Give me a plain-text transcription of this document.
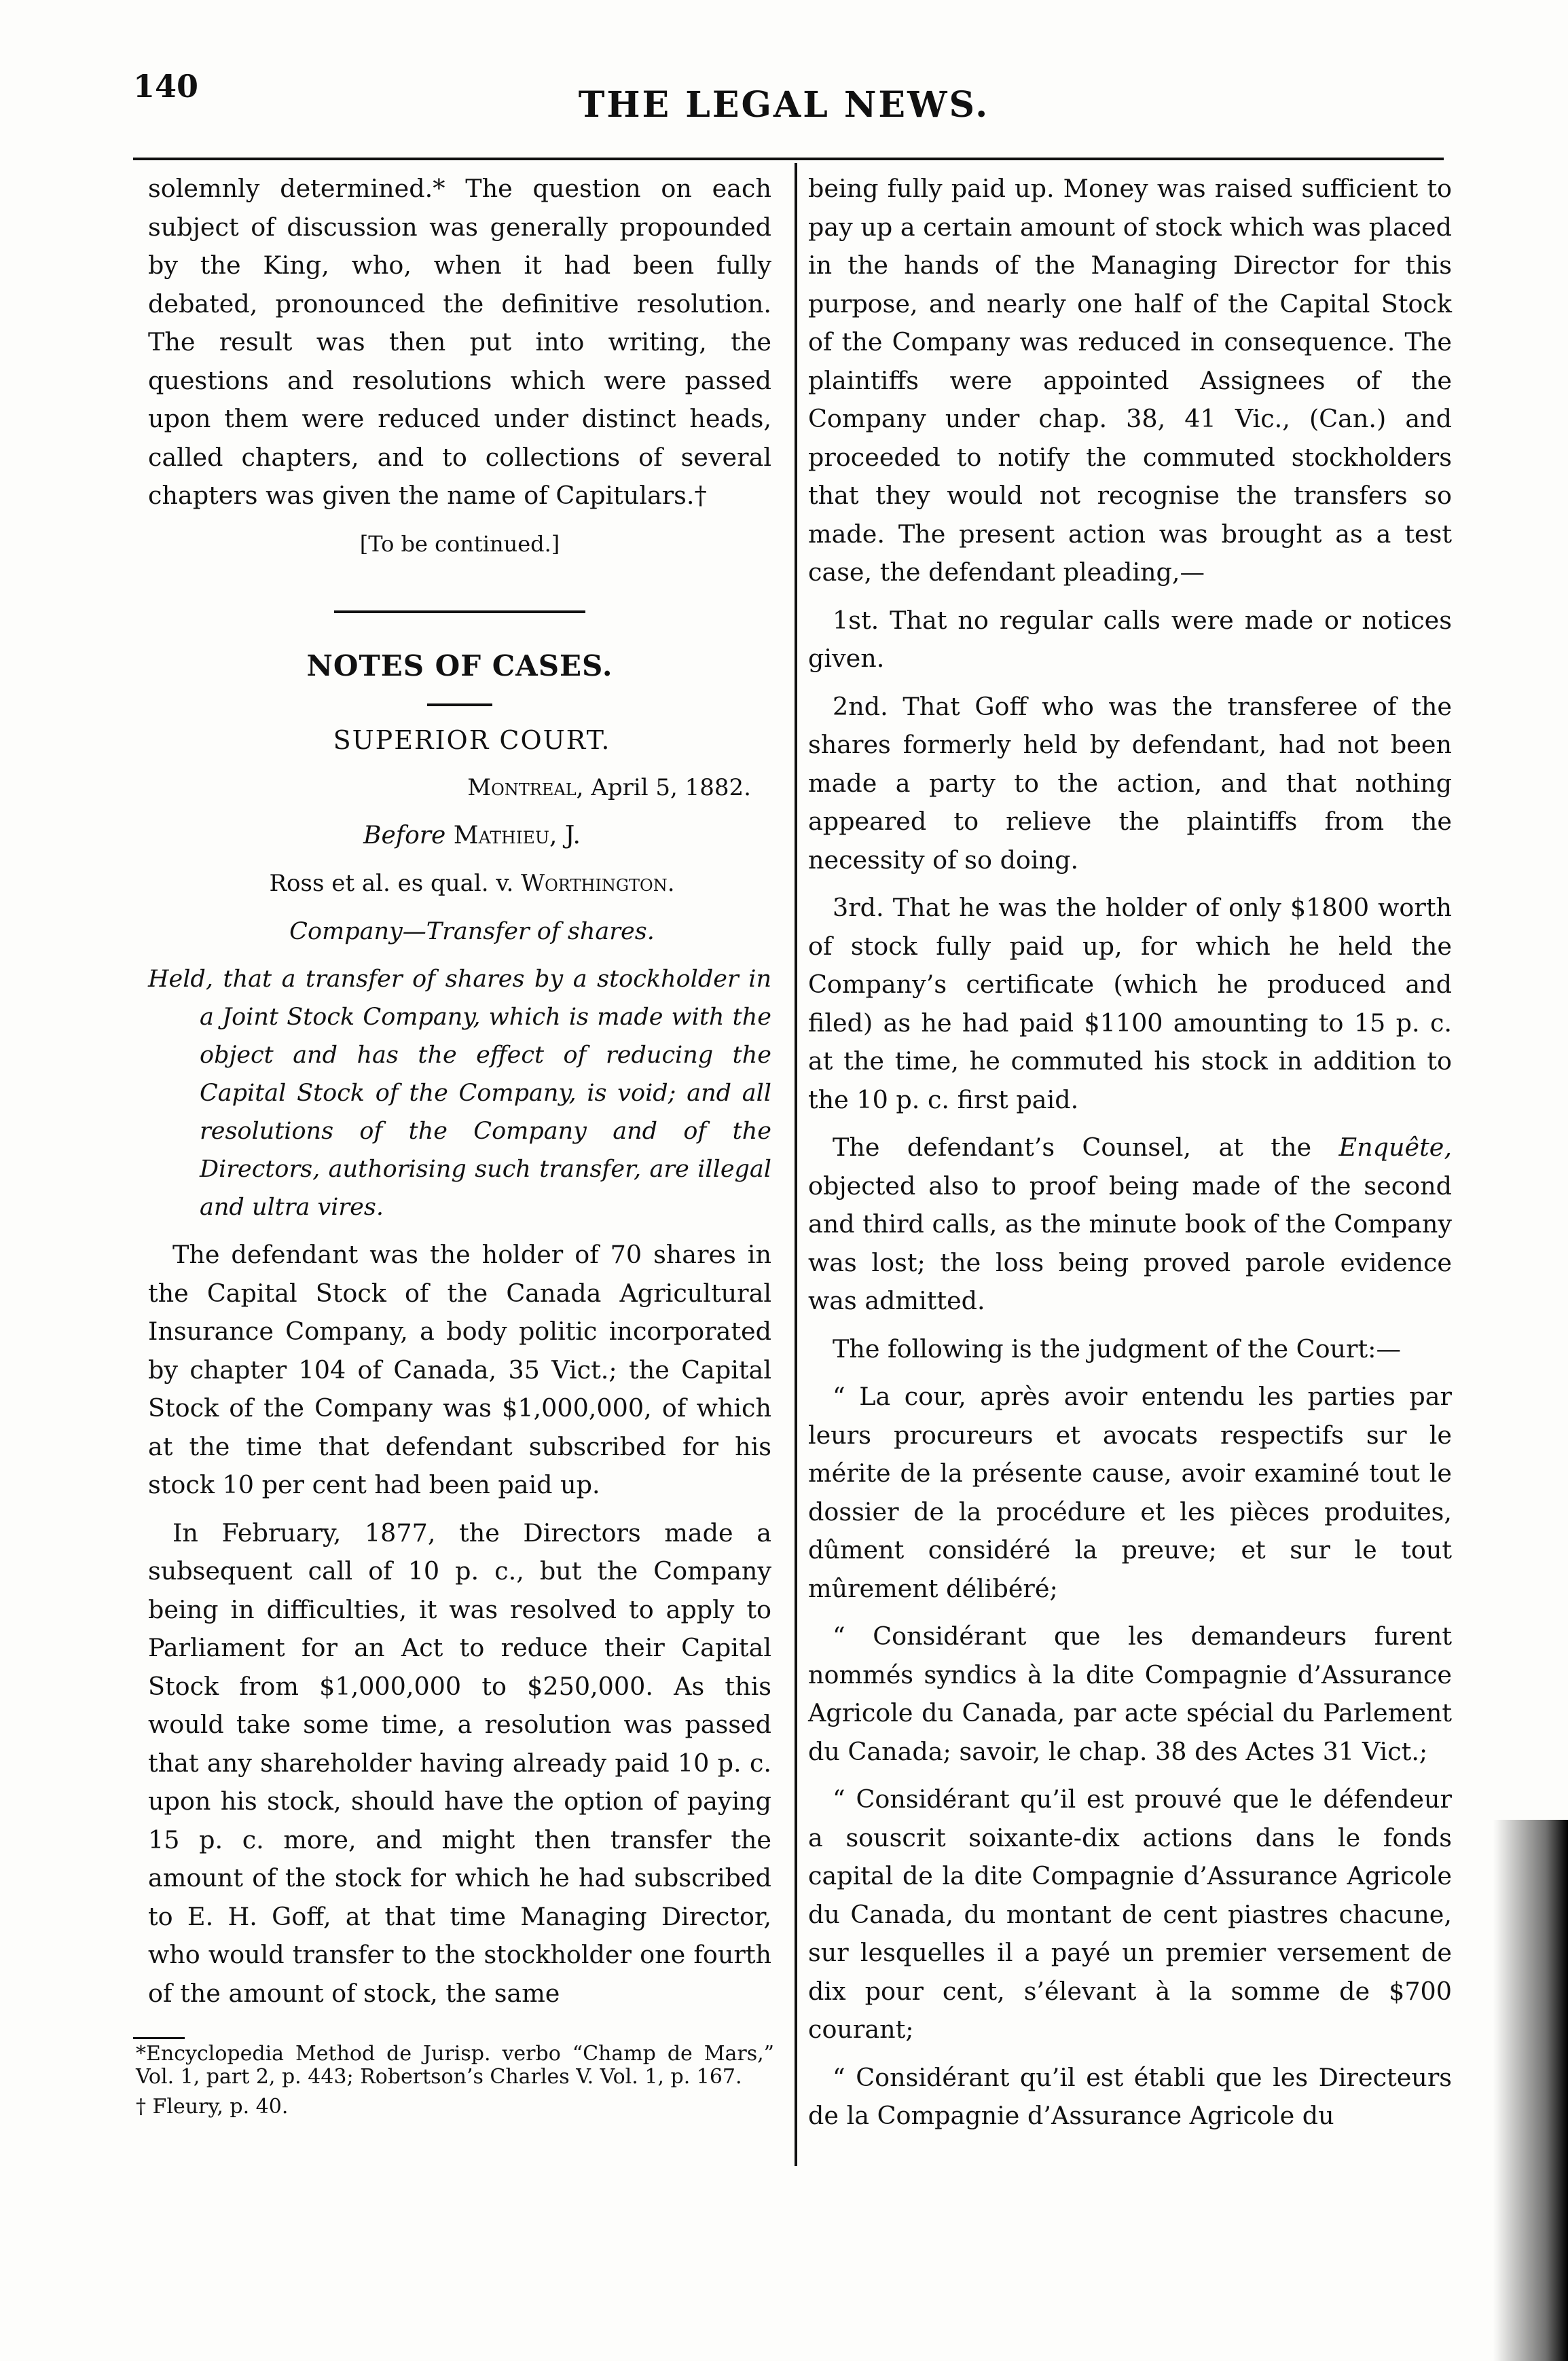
140	THE LEGAL NEWS.

solemnly determined.* The question on each subject of discussion was generally propounded by the King, who, when it had been fully debated, pronounced the definitive resolution. The result was then put into writing, the questions and resolutions which were passed upon them were reduced under distinct heads, called chapters, and to collections of several chapters was given the name of Capitulars.†

[To be continued.]

NOTES OF CASES.

SUPERIOR COURT.

Montreal, April 5, 1882.

Before Mathieu, J.

Ross et al. es qual. v. Worthington.

Company—Transfer of shares.

Held, that a transfer of shares by a stockholder in a Joint Stock Company, which is made with the object and has the effect of reducing the Capital Stock of the Company, is void; and all resolutions of the Company and of the Directors, authorising such transfer, are illegal and ultra vires.

The defendant was the holder of 70 shares in the Capital Stock of the Canada Agricultural Insurance Company, a body politic incorporated by chapter 104 of Canada, 35 Vict.; the Capital Stock of the Company was $1,000,000, of which at the time that defendant subscribed for his stock 10 per cent had been paid up.

In February, 1877, the Directors made a subsequent call of 10 p. c., but the Company being in difficulties, it was resolved to apply to Parliament for an Act to reduce their Capital Stock from $1,000,000 to $250,000. As this would take some time, a resolution was passed that any shareholder having already paid 10 p. c. upon his stock, should have the option of paying 15 p. c. more, and might then transfer the amount of the stock for which he had subscribed to E. H. Goff, at that time Managing Director, who would transfer to the stockholder one fourth of the amount of stock, the same

*Encyclopedia Method de Jurisp. verbo “Champ de Mars,” Vol. 1, part 2, p. 443; Robertson’s Charles V. Vol. 1, p. 167.

† Fleury, p. 40.

being fully paid up. Money was raised sufficient to pay up a certain amount of stock which was placed in the hands of the Managing Director for this purpose, and nearly one half of the Capital Stock of the Company was reduced in consequence. The plaintiffs were appointed Assignees of the Company under chap. 38, 41 Vic., (Can.) and proceeded to notify the commuted stockholders that they would not recognise the transfers so made. The present action was brought as a test case, the defendant pleading,—

1st. That no regular calls were made or notices given.

2nd. That Goff who was the transferee of the shares formerly held by defendant, had not been made a party to the action, and that nothing appeared to relieve the plaintiffs from the necessity of so doing.

3rd. That he was the holder of only $1800 worth of stock fully paid up, for which he held the Company’s certificate (which he produced and filed) as he had paid $1100 amounting to 15 p. c. at the time, he commuted his stock in addition to the 10 p. c. first paid.

The defendant’s Counsel, at the Enquête, objected also to proof being made of the second and third calls, as the minute book of the Company was lost; the loss being proved parole evidence was admitted.

The following is the judgment of the Court:—

“ La cour, après avoir entendu les parties par leurs procureurs et avocats respectifs sur le mérite de la présente cause, avoir examiné tout le dossier de la procédure et les pièces produites, dûment considéré la preuve; et sur le tout mûrement délibéré;

“ Considérant que les demandeurs furent nommés syndics à la dite Compagnie d’Assurance Agricole du Canada, par acte spécial du Parlement du Canada; savoir, le chap. 38 des Actes 31 Vict.;

“ Considérant qu’il est prouvé que le défendeur a souscrit soixante-dix actions dans le fonds capital de la dite Compagnie d’Assurance Agricole du Canada, du montant de cent piastres chacune, sur lesquelles il a payé un premier versement de dix pour cent, s’élevant à la somme de $700 courant;

“ Considérant qu’il est établi que les Directeurs de la Compagnie d’Assurance Agricole du
